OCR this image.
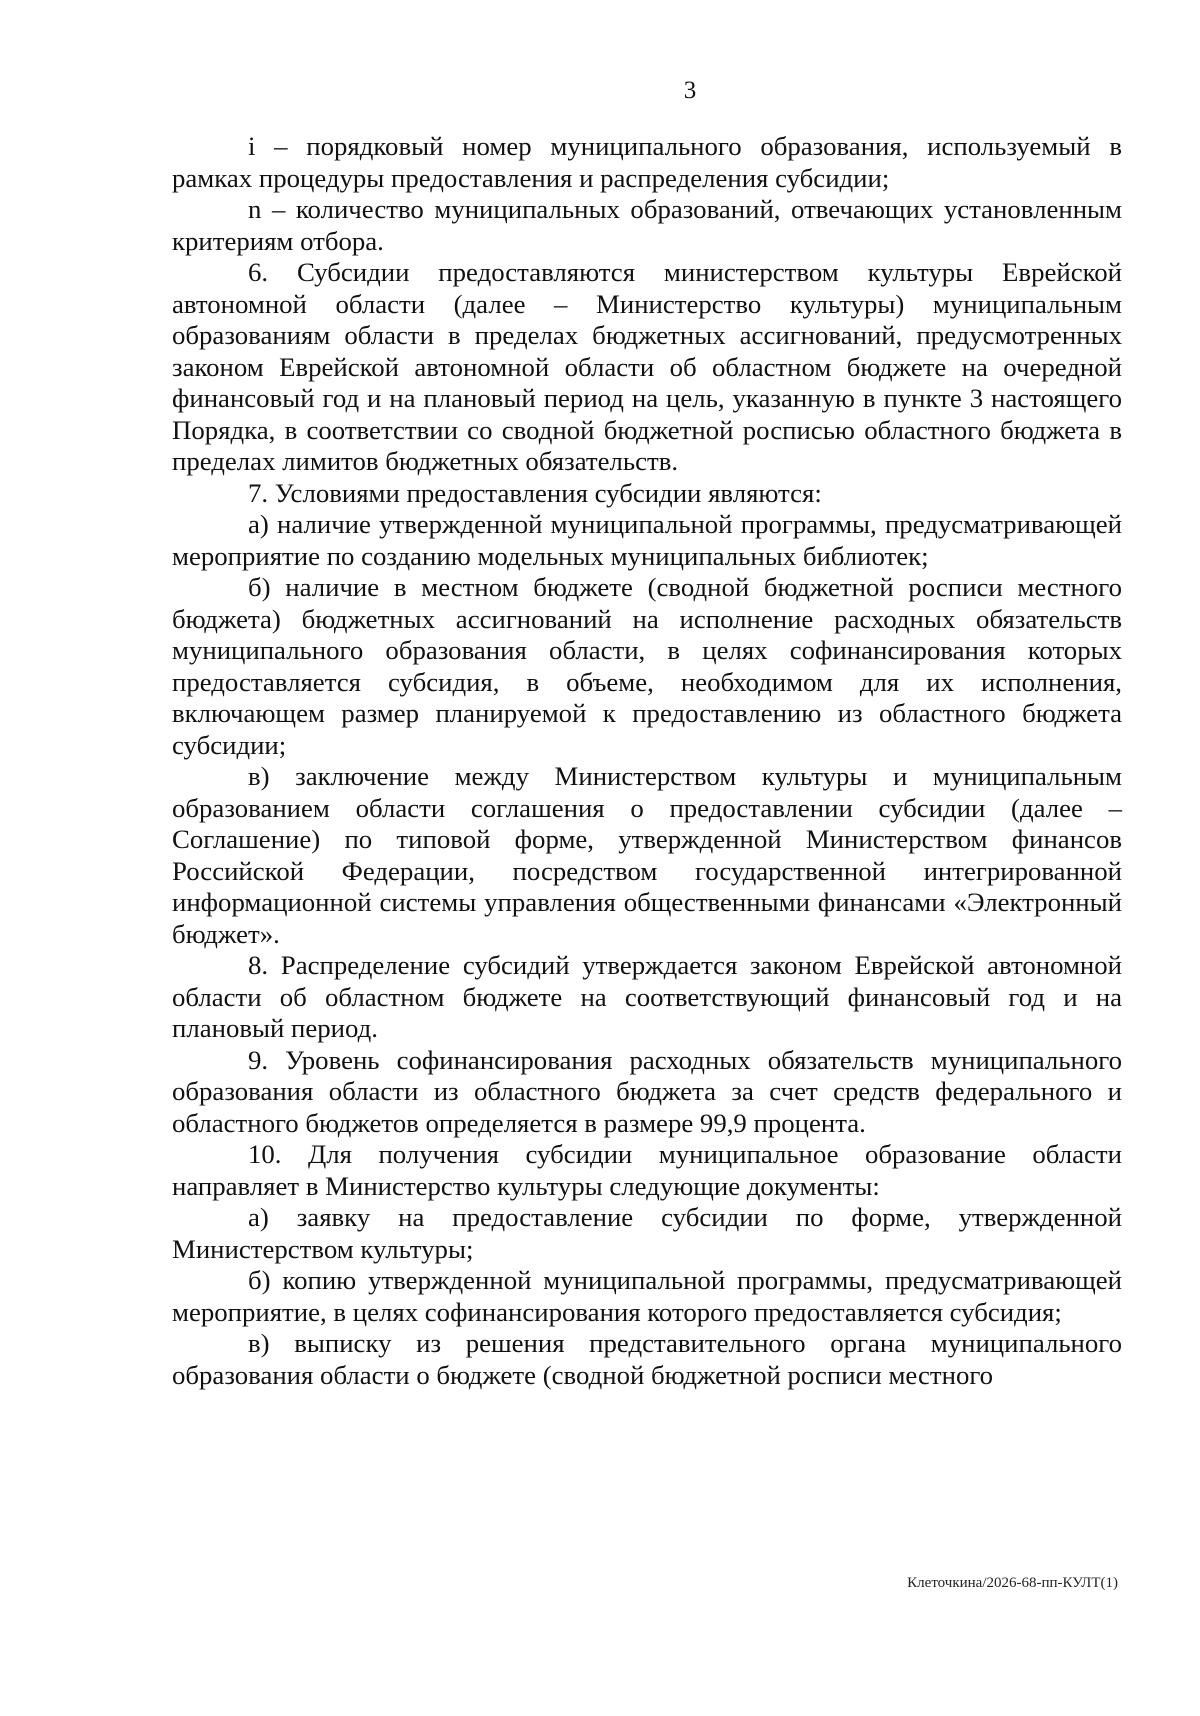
3

i – порядковый номер муниципального образования, используемый в рамках процедуры предоставления и распределения субсидии;

n – количество муниципальных образований, отвечающих установленным критериям отбора.

6. Субсидии предоставляются министерством культуры Еврейской автономной области (далее – Министерство культуры) муниципальным образованиям области в пределах бюджетных ассигнований, предусмотренных законом Еврейской автономной области об областном бюджете на очередной финансовый год и на плановый период на цель, указанную в пункте 3 настоящего Порядка, в соответствии со сводной бюджетной росписью областного бюджета в пределах лимитов бюджетных обязательств.

7. Условиями предоставления субсидии являются:

а) наличие утвержденной муниципальной программы, предусматривающей мероприятие по созданию модельных муниципальных библиотек;

б) наличие в местном бюджете (сводной бюджетной росписи местного бюджета) бюджетных ассигнований на исполнение расходных обязательств муниципального образования области, в целях софинансирования которых предоставляется субсидия, в объеме, необходимом для их исполнения, включающем размер планируемой к предоставлению из областного бюджета субсидии;

в) заключение между Министерством культуры и муниципальным образованием области соглашения о предоставлении субсидии (далее – Соглашение) по типовой форме, утвержденной Министерством финансов Российской Федерации, посредством государственной интегрированной информационной системы управления общественными финансами «Электронный бюджет».

8. Распределение субсидий утверждается законом Еврейской автономной области об областном бюджете на соответствующий финансовый год и на плановый период.

9. Уровень софинансирования расходных обязательств муниципального образования области из областного бюджета за счет средств федерального и областного бюджетов определяется в размере 99,9 процента.

10. Для получения субсидии муниципальное образование области направляет в Министерство культуры следующие документы:

а) заявку на предоставление субсидии по форме, утвержденной Министерством культуры;

б) копию утвержденной муниципальной программы, предусматривающей мероприятие, в целях софинансирования которого предоставляется субсидия;

в) выписку из решения представительного органа муниципального образования области о бюджете (сводной бюджетной росписи местного

Клеточкина/2026-68-пп-КУЛТ(1)
